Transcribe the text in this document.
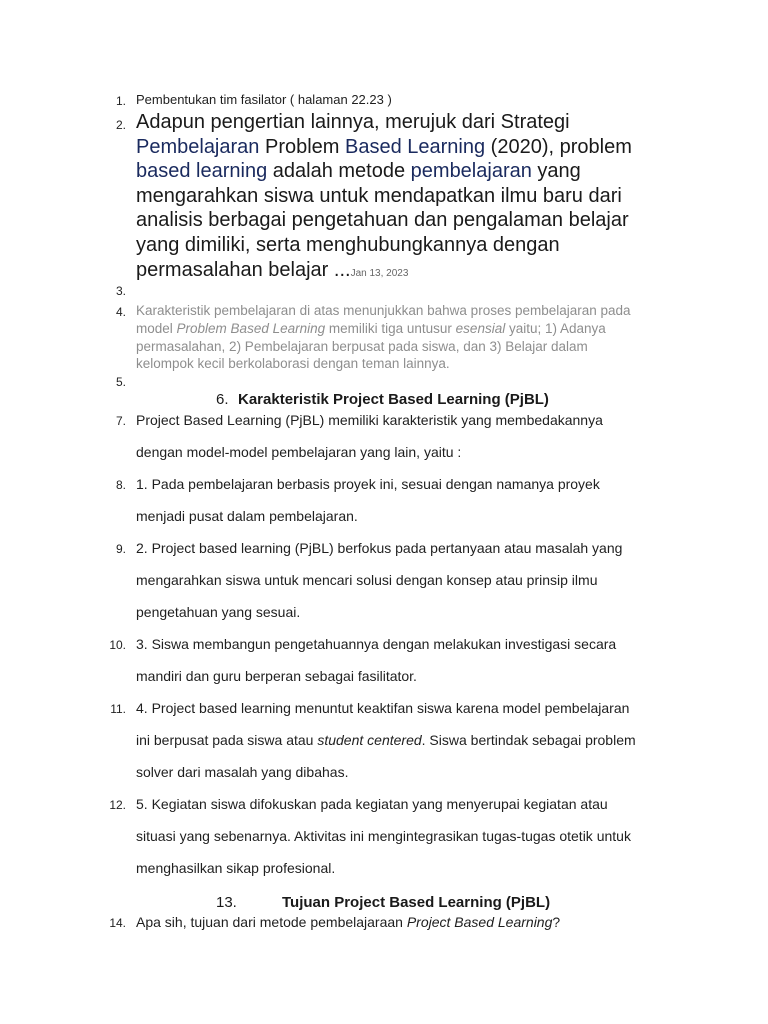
1. Pembentukan tim fasilator ( halaman 22.23 )
2. Adapun pengertian lainnya, merujuk dari Strategi
Pembelajaran Problem Based Learning (2020), problem
based learning adalah metode pembelajaran yang
mengarahkan siswa untuk mendapatkan ilmu baru dari
analisis berbagai pengetahuan dan pengalaman belajar
yang dimiliki, serta menghubungkannya dengan
permasalahan belajar ...Jan 13, 2023
3.
4. Karakteristik pembelajaran di atas menunjukkan bahwa proses pembelajaran pada
model Problem Based Learning memiliki tiga untusur esensial yaitu; 1) Adanya
permasalahan, 2) Pembelajaran berpusat pada siswa, dan 3) Belajar dalam
kelompok kecil berkolaborasi dengan teman lainnya.
5.
6. Karakteristik Project Based Learning (PjBL)
7. Project Based Learning (PjBL) memiliki karakteristik yang membedakannya
dengan model-model pembelajaran yang lain, yaitu :
8. 1. Pada pembelajaran berbasis proyek ini, sesuai dengan namanya proyek
menjadi pusat dalam pembelajaran.
9. 2. Project based learning (PjBL) berfokus pada pertanyaan atau masalah yang
mengarahkan siswa untuk mencari solusi dengan konsep atau prinsip ilmu
pengetahuan yang sesuai.
10. 3. Siswa membangun pengetahuannya dengan melakukan investigasi secara
mandiri dan guru berperan sebagai fasilitator.
11. 4. Project based learning menuntut keaktifan siswa karena model pembelajaran
ini berpusat pada siswa atau student centered. Siswa bertindak sebagai problem
solver dari masalah yang dibahas.
12. 5. Kegiatan siswa difokuskan pada kegiatan yang menyerupai kegiatan atau
situasi yang sebenarnya. Aktivitas ini mengintegrasikan tugas-tugas otetik untuk
menghasilkan sikap profesional.
13.	Tujuan Project Based Learning (PjBL)
14. Apa sih, tujuan dari metode pembelajaraan Project Based Learning?
